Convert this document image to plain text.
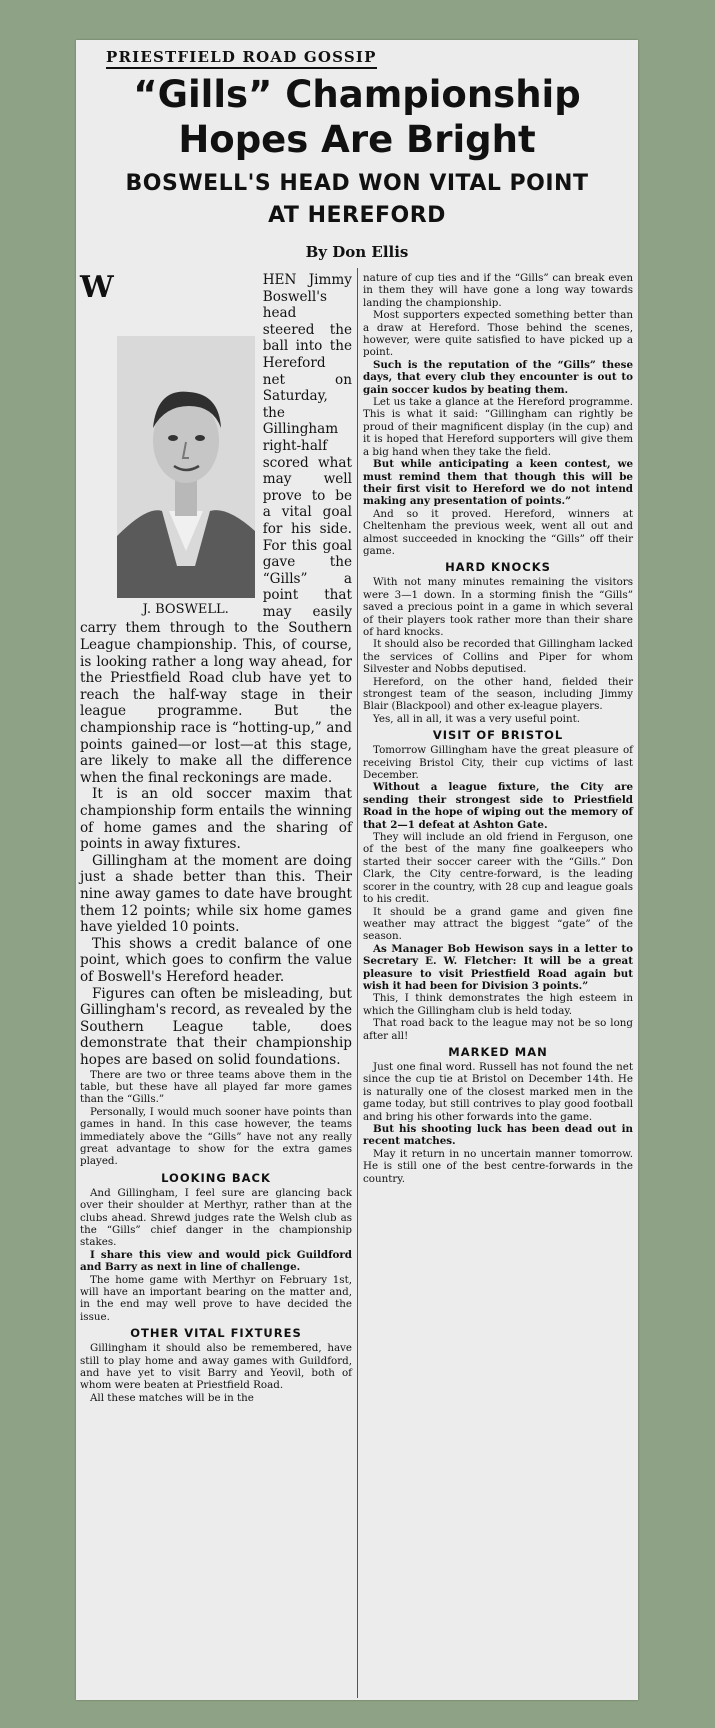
PRIESTFIELD ROAD GOSSIP
“Gills” Championship
Hopes Are Bright
BOSWELL'S HEAD WON VITAL POINT
AT HEREFORD

By Don Ellis

W
J. BOSWELL.

HEN Jimmy Boswell's head steered the ball into the Hereford net on Saturday, the Gillingham right-half scored what may well prove to be a vital goal for his side. For this goal gave the “Gills” a point that may easily carry them through to the Southern League championship. This, of course, is looking rather a long way ahead, for the Priestfield Road club have yet to reach the half-way stage in their league programme. But the championship race is “hotting-up,” and points gained—or lost—at this stage, are likely to make all the difference when the final reckonings are made.

It is an old soccer maxim that championship form entails the winning of home games and the sharing of points in away fixtures.

Gillingham at the moment are doing just a shade better than this. Their nine away games to date have brought them 12 points; while six home games have yielded 10 points.

This shows a credit balance of one point, which goes to confirm the value of Boswell's Hereford header.

Figures can often be misleading, but Gillingham's record, as revealed by the Southern League table, does demonstrate that their championship hopes are based on solid foundations.

There are two or three teams above them in the table, but these have all played far more games than the “Gills.”

Personally, I would much sooner have points than games in hand. In this case however, the teams immediately above the “Gills” have not any really great advantage to show for the extra games played.

LOOKING BACK

And Gillingham, I feel sure are glancing back over their shoulder at Merthyr, rather than at the clubs ahead. Shrewd judges rate the Welsh club as the “Gills” chief danger in the championship stakes.

I share this view and would pick Guildford and Barry as next in line of challenge.

The home game with Merthyr on February 1st, will have an important bearing on the matter and, in the end may well prove to have decided the issue.

OTHER VITAL FIXTURES

Gillingham it should also be remembered, have still to play home and away games with Guildford, and have yet to visit Barry and Yeovil, both of whom were beaten at Priestfield Road.

All these matches will be in the

nature of cup ties and if the “Gills” can break even in them they will have gone a long way towards landing the championship.

Most supporters expected something better than a draw at Hereford. Those behind the scenes, however, were quite satisfied to have picked up a point.

Such is the reputation of the “Gills” these days, that every club they encounter is out to gain soccer kudos by beating them.

Let us take a glance at the Hereford programme. This is what it said: “Gillingham can rightly be proud of their magnificent display (in the cup) and it is hoped that Hereford supporters will give them a big hand when they take the field.

But while anticipating a keen contest, we must remind them that though this will be their first visit to Hereford we do not intend making any presentation of points.”

And so it proved. Hereford, winners at Cheltenham the previous week, went all out and almost succeeded in knocking the “Gills” off their game.

HARD KNOCKS

With not many minutes remaining the visitors were 3—1 down. In a storming finish the “Gills” saved a precious point in a game in which several of their players took rather more than their share of hard knocks.

It should also be recorded that Gillingham lacked the services of Collins and Piper for whom Silvester and Nobbs deputised.

Hereford, on the other hand, fielded their strongest team of the season, including Jimmy Blair (Blackpool) and other ex-league players.

Yes, all in all, it was a very useful point.

VISIT OF BRISTOL

Tomorrow Gillingham have the great pleasure of receiving Bristol City, their cup victims of last December.

Without a league fixture, the City are sending their strongest side to Priestfield Road in the hope of wiping out the memory of that 2—1 defeat at Ashton Gate.

They will include an old friend in Ferguson, one of the best of the many fine goalkeepers who started their soccer career with the “Gills.” Don Clark, the City centre-forward, is the leading scorer in the country, with 28 cup and league goals to his credit.

It should be a grand game and given fine weather may attract the biggest “gate” of the season.

As Manager Bob Hewison says in a letter to Secretary E. W. Fletcher: It will be a great pleasure to visit Priestfield Road again but wish it had been for Division 3 points.”

This, I think demonstrates the high esteem in which the Gillingham club is held today.

That road back to the league may not be so long after all!

MARKED MAN

Just one final word. Russell has not found the net since the cup tie at Bristol on December 14th. He is naturally one of the closest marked men in the game today, but still contrives to play good football and bring his other forwards into the game.

But his shooting luck has been dead out in recent matches.

May it return in no uncertain manner tomorrow. He is still one of the best centre-forwards in the country.
